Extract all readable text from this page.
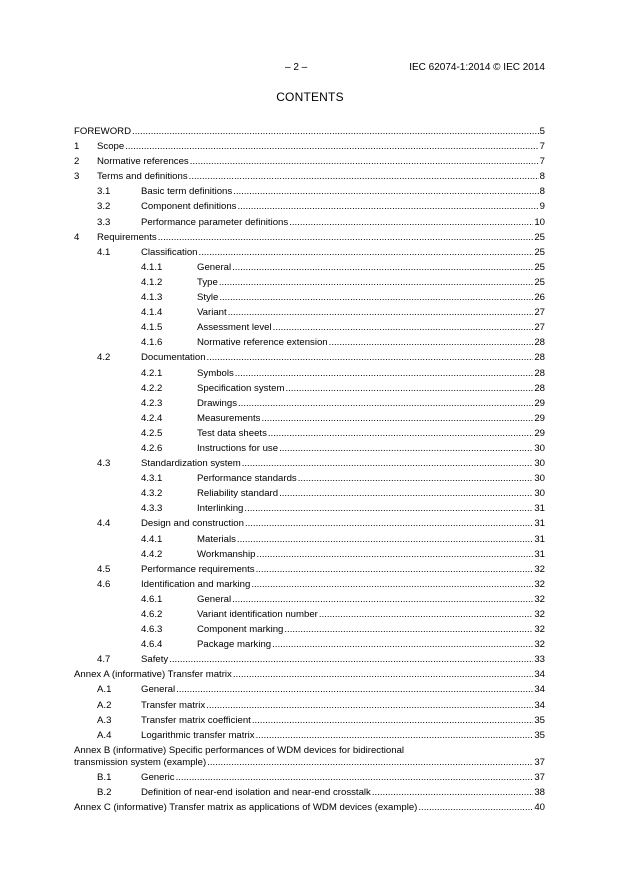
– 2 –	IEC 62074-1:2014 © IEC 2014
CONTENTS
FOREWORD .....	5
1 Scope .....	7
2 Normative references .....	7
3 Terms and definitions .....	8
3.1	Basic term definitions .....	8
3.2	Component definitions .....	9
3.3	Performance parameter definitions .....	10
4 Requirements .....	25
4.1	Classification .....	25
4.1.1	General .....	25
4.1.2	Type .....	25
4.1.3	Style .....	26
4.1.4	Variant .....	27
4.1.5	Assessment level .....	27
4.1.6	Normative reference extension .....	28
4.2	Documentation .....	28
4.2.1	Symbols .....	28
4.2.2	Specification system .....	28
4.2.3	Drawings .....	29
4.2.4	Measurements .....	29
4.2.5	Test data sheets .....	29
4.2.6	Instructions for use .....	30
4.3	Standardization system .....	30
4.3.1	Performance standards .....	30
4.3.2	Reliability standard .....	30
4.3.3	Interlinking .....	31
4.4	Design and construction .....	31
4.4.1	Materials .....	31
4.4.2	Workmanship .....	31
4.5	Performance requirements .....	32
4.6	Identification and marking .....	32
4.6.1	General .....	32
4.6.2	Variant identification number .....	32
4.6.3	Component marking .....	32
4.6.4	Package marking .....	32
4.7	Safety .....	33
Annex A (informative) Transfer matrix .....	34
A.1	General .....	34
A.2	Transfer matrix .....	34
A.3	Transfer matrix coefficient .....	35
A.4	Logarithmic transfer matrix .....	35
Annex B (informative) Specific performances of WDM devices for bidirectional
transmission system (example) .....	37
B.1	Generic .....	37
B.2	Definition of near-end isolation and near-end crosstalk .....	38
Annex C (informative) Transfer matrix as applications of WDM devices (example) .....	40
